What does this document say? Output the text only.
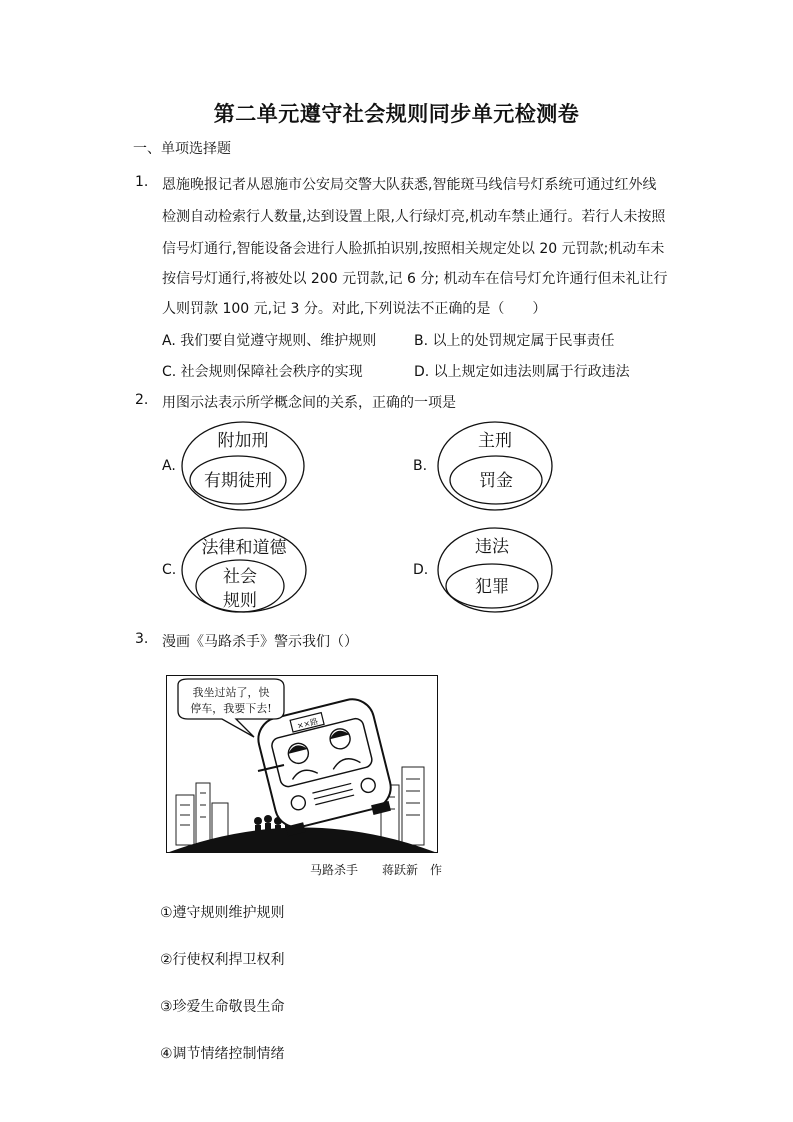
第二单元遵守社会规则同步单元检测卷
一、单项选择题
1. 恩施晚报记者从恩施市公安局交警大队获悉,智能斑马线信号灯系统可通过红外线
检测自动检索行人数量,达到设置上限,人行绿灯亮,机动车禁止通行。若行人未按照
信号灯通行,智能设备会进行人脸抓拍识别,按照相关规定处以 20 元罚款;机动车未
按信号灯通行,将被处以 200 元罚款,记 6 分; 机动车在信号灯允许通行但未礼让行
人则罚款 100 元,记 3 分。对此,下列说法不正确的是（　　）
A. 我们要自觉遵守规则、维护规则	B. 以上的处罚规定属于民事责任
C. 社会规则保障社会秩序的实现	D. 以上规定如违法则属于行政违法
2. 用图示法表示所学概念间的关系，正确的一项是
A.
附加刑
有期徒刑
B.
主刑
罚金
C.
法律和道德
社会
规则
D.
违法
犯罪
3. 漫画《马路杀手》警示我们（）
××路
我坐过站了，快
停车，我要下去!
马路杀手　　蒋跃新　作
①遵守规则维护规则
②行使权利捍卫权利
③珍爱生命敬畏生命
④调节情绪控制情绪
